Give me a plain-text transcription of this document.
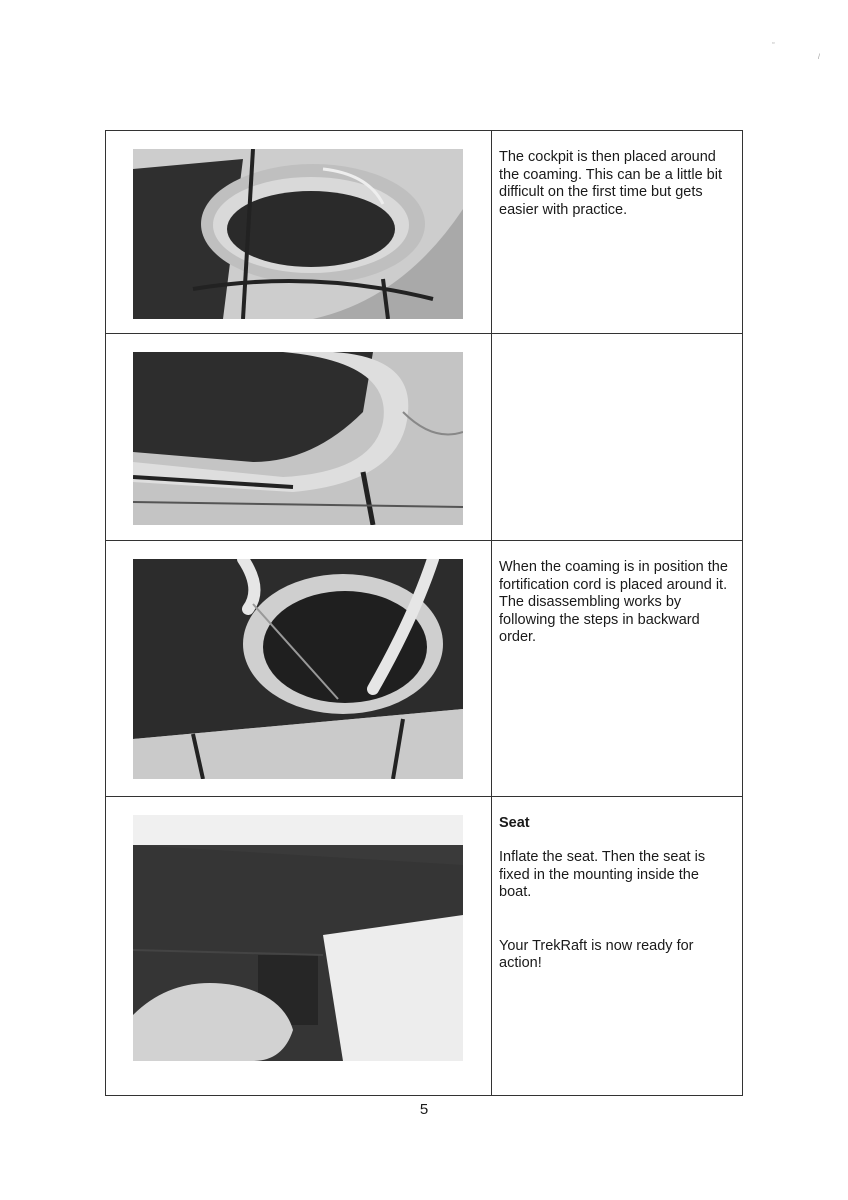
▫
/

The cockpit is then placed around the coaming. This can be a little bit difficult on the first time but gets easier with practice.

When the coaming is in position the fortification cord is placed around it. The disassembling works by following the steps in backward order.

Seat

Inflate the seat. Then the seat is fixed in the mounting inside the boat.

Your TrekRaft is now ready for action!

5
